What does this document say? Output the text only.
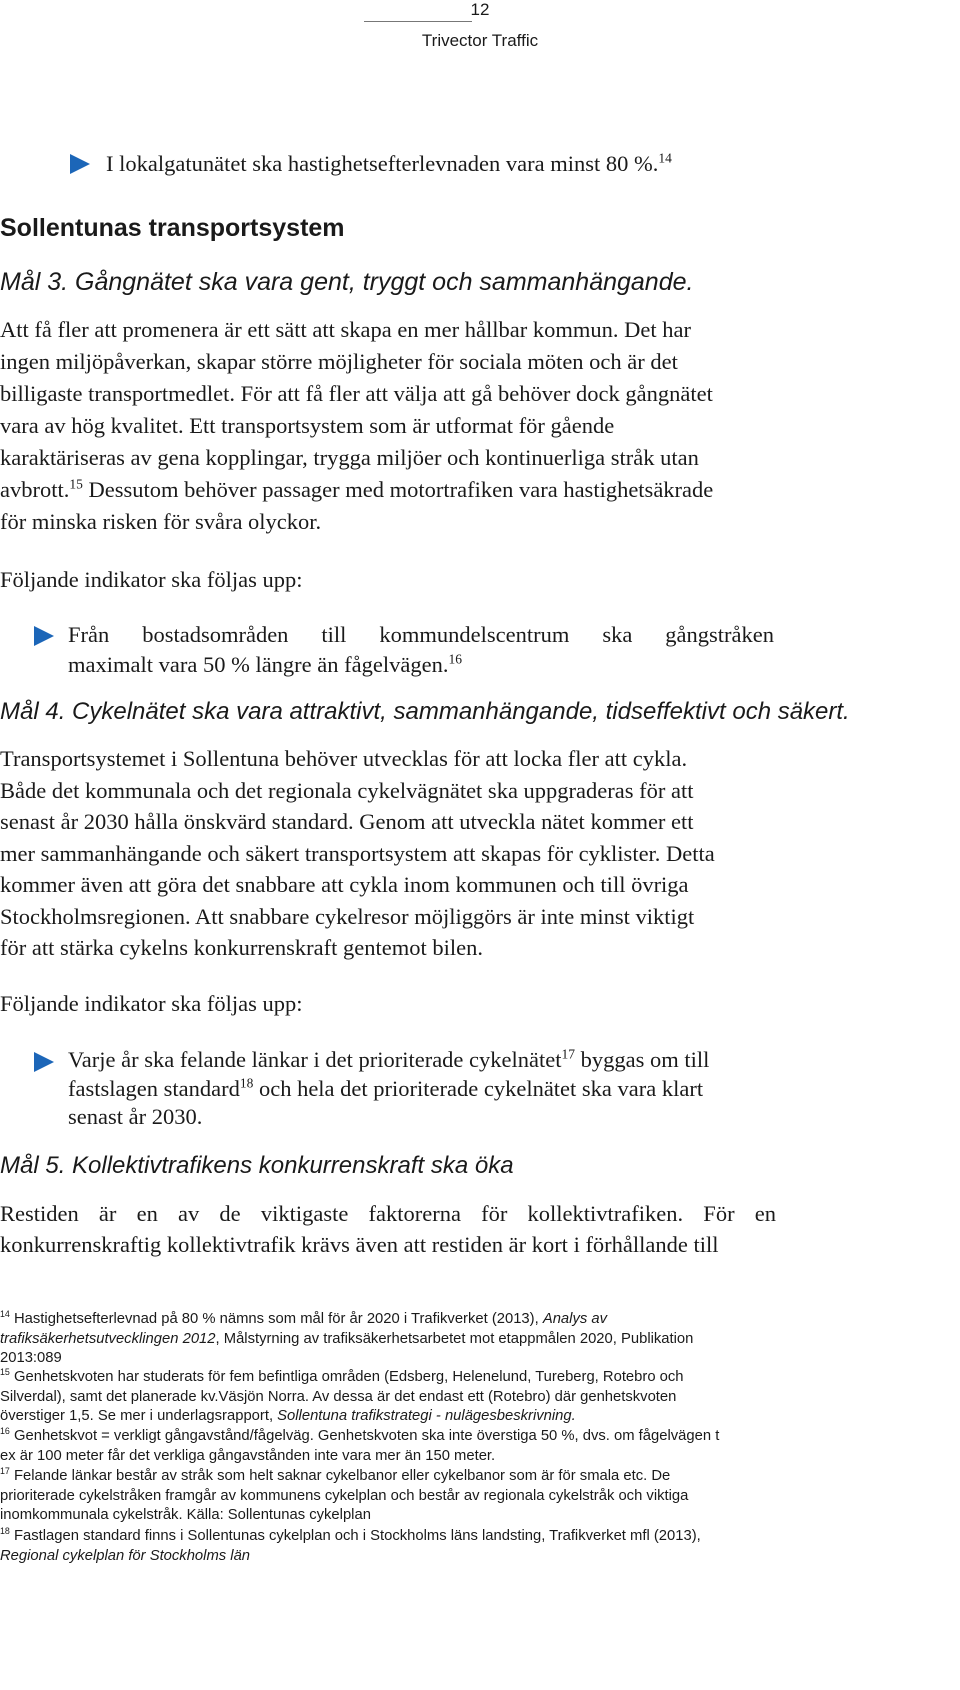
12
Trivector Traffic
I lokalgatunätet ska hastighetsefterlevnaden vara minst 80 %.$^{14}$
Sollentunas transportsystem
Mål 3. Gångnätet ska vara gent, tryggt och sammanhängande.
Att få fler att promenera är ett sätt att skapa en mer hållbar kommun. Det har
ingen miljöpåverkan, skapar större möjligheter för sociala möten och är det
billigaste transportmedlet. För att få fler att välja att gå behöver dock gångnätet
vara av hög kvalitet. Ett transportsystem som är utformat för gående
karaktäriseras av gena kopplingar, trygga miljöer och kontinuerliga stråk utan
avbrott.$^{15}$ Dessutom behöver passager med motortrafiken vara hastighetsäkrade
för minska risken för svåra olyckor.
Följande indikator ska följas upp:
Från bostadsområden till kommundelscentrum ska gångstråken
maximalt vara 50 % längre än fågelvägen.$^{16}$
Mål 4. Cykelnätet ska vara attraktivt, sammanhängande, tidseffektivt och säkert.
Transportsystemet i Sollentuna behöver utvecklas för att locka fler att cykla.
Både det kommunala och det regionala cykelvägnätet ska uppgraderas för att
senast år 2030 hålla önskvärd standard. Genom att utveckla nätet kommer ett
mer sammanhängande och säkert transportsystem att skapas för cyklister. Detta
kommer även att göra det snabbare att cykla inom kommunen och till övriga
Stockholmsregionen. Att snabbare cykelresor möjliggörs är inte minst viktigt
för att stärka cykelns konkurrenskraft gentemot bilen.
Följande indikator ska följas upp:
Varje år ska felande länkar i det prioriterade cykelnätet$^{17}$ byggas om till
fastslagen standard$^{18}$ och hela det prioriterade cykelnätet ska vara klart
senast år 2030.
Mål 5. Kollektivtrafikens konkurrenskraft ska öka
Restiden är en av de viktigaste faktorerna för kollektivtrafiken. För en
konkurrenskraftig kollektivtrafik krävs även att restiden är kort i förhållande till
$^{14}$ Hastighetsefterlevnad på 80 % nämns som mål för år 2020 i Trafikverket (2013), Analys av
trafiksäkerhetsutvecklingen 2012, Målstyrning av trafiksäkerhetsarbetet mot etappmålen 2020, Publikation
2013:089
$^{15}$ Genhetskvoten har studerats för fem befintliga områden (Edsberg, Helenelund, Tureberg, Rotebro och
Silverdal), samt det planerade kv.Väsjön Norra. Av dessa är det endast ett (Rotebro) där genhetskvoten
överstiger 1,5. Se mer i underlagsrapport, Sollentuna trafikstrategi - nulägesbeskrivning.
$^{16}$ Genhetskvot = verkligt gångavstånd/fågelväg. Genhetskvoten ska inte överstiga 50 %, dvs. om fågelvägen t
ex är 100 meter får det verkliga gångavstånden inte vara mer än 150 meter.
$^{17}$ Felande länkar består av stråk som helt saknar cykelbanor eller cykelbanor som är för smala etc. De
prioriterade cykelstråken framgår av kommunens cykelplan och består av regionala cykelstråk och viktiga
inomkommunala cykelstråk. Källa: Sollentunas cykelplan
$^{18}$ Fastlagen standard finns i Sollentunas cykelplan och i Stockholms läns landsting, Trafikverket mfl (2013),
Regional cykelplan för Stockholms län
